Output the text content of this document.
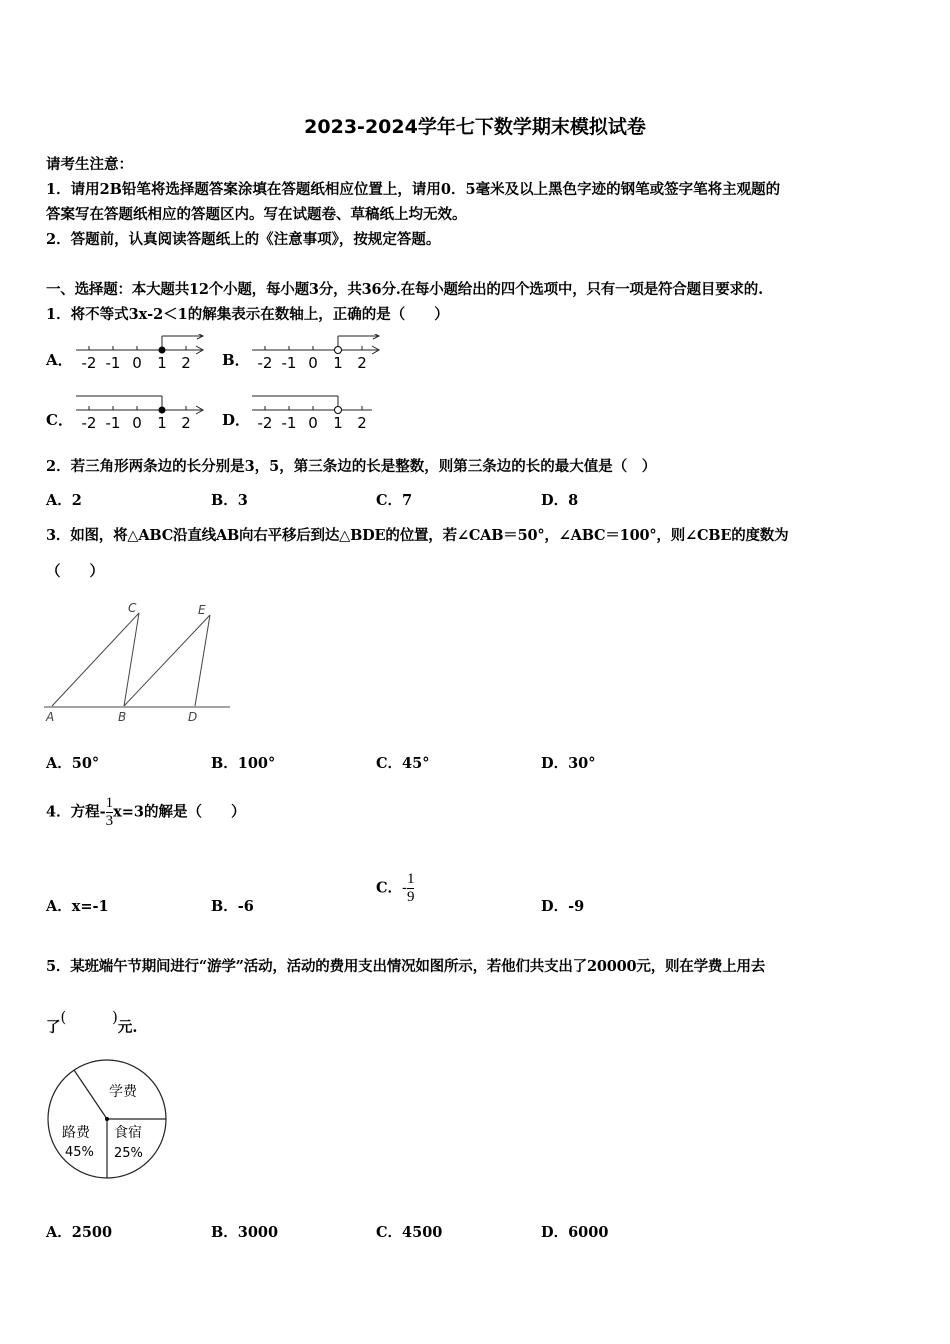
2023-2024学年七下数学期末模拟试卷
请考生注意：
1．请用2B铅笔将选择题答案涂填在答题纸相应位置上，请用0．5毫米及以上黑色字迹的钢笔或签字笔将主观题的
答案写在答题纸相应的答题区内。写在试题卷、草稿纸上均无效。
2．答题前，认真阅读答题纸上的《注意事项》，按规定答题。
一、选择题：本大题共12个小题，每小题3分，共36分.在每小题给出的四个选项中，只有一项是符合题目要求的.
1．将不等式3x-2＜1的解集表示在数轴上，正确的是（　　）
A． -2 -1 0 1 2 B． -2 -1 0 1 2
C． -2 -1 0 1 2 D． -2 -1 0 1 2
2．若三角形两条边的长分别是3，5，第三条边的长是整数，则第三条边的长的最大值是（　）
A．2	B．3	C．7	D．8
3．如图，将△ABC沿直线AB向右平移后到达△BDE的位置，若∠CAB＝50°，∠ABC＝100°，则∠CBE的度数为
（　　）
A	B
C
D
E
A．50°	B．100°	C．45°	D．30°
4．方程- $\frac{1}{3} x=3$的解是（　　）
A．x=-1	B．-6
C．- $\frac{1}{9}$
D．-9
5．某班端午节期间进行“游学”活动，活动的费用支出情况如图所示，若他们共支出了20000元，则在学费上用去
了(	)元.
学费
路费
45%
食宿
25%
A．2500	B．3000	C．4500	D．6000
